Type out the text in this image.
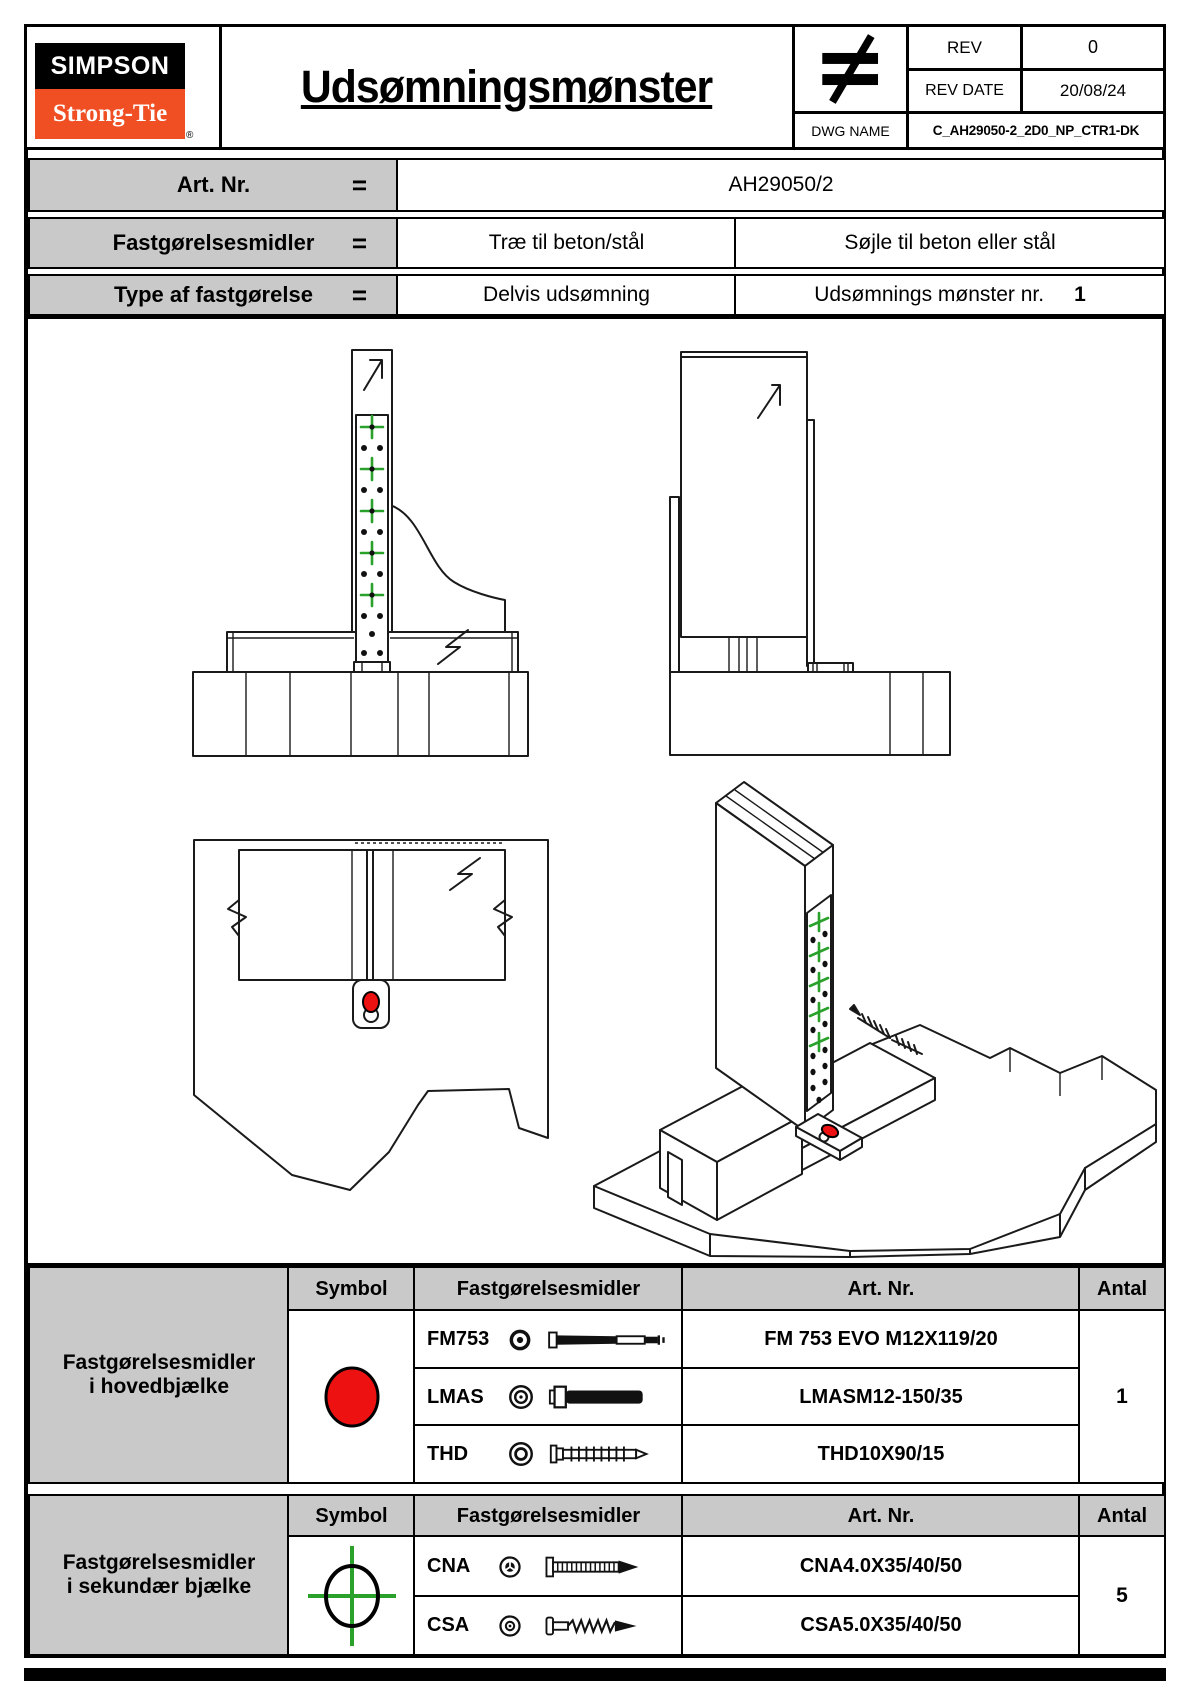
SIMPSON
Strong-Tie
®
Udsømningsmønster
REV	0
REV DATE	20/08/24
DWG NAME	C_AH29050-2_2D0_NP_CTR1-DK
Art. Nr.	=	AH29050/2
Fastgørelsesmidler =	Træ til beton/stål	Søjle til beton eller stål
Type af fastgørelse =	Delvis udsømning	Udsømnings mønster nr. 1
Fastgørelsesmidler
i hovedbjælke
Symbol	Fastgørelsesmidler	Art. Nr.	Antal
FM753	FM 753 EVO M12X119/20
LMAS	LMASM12-150/35
THD	THD10X90/15
1
Fastgørelsesmidler
i sekundær bjælke
Symbol	Fastgørelsesmidler	Art. Nr.	Antal
CNA	CNA4.0X35/40/50
CSA	CSA5.0X35/40/50
5
